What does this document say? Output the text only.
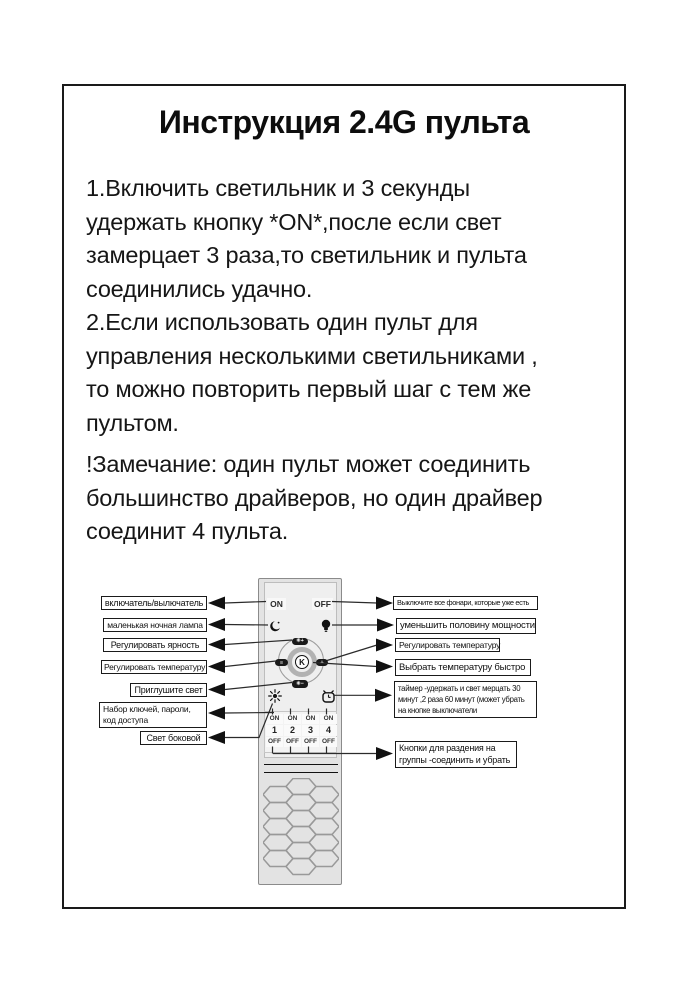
Инструкция 2.4G пульта
1.Включить светильник и 3 секунды
удержать кнопку *ON*,после если свет
замерцает 3 раза,то светильник и пульта
соединились удачно.
2.Если использовать один пульт для
управления несколькими светильниками ,
то можно повторить первый шаг с тем же
пультом.
!Замечание: один пульт может соединить
большинство драйверов, но один драйвер
соединит 4 пульта.
ON	OFF
K
✳+
✳−
≡	+
ON
1
OFF
ON
2
OFF
ON
3
OFF
ON
4
OFF
включатель/вылючатель
маленькая ночная лампа
Регулировать ярность
Регулировать температуру
Приглушите свет
Набор ключей, пароли,
код доступа
Свет боковой
Выключите все фонари, которые уже есть
уменьшить половину мощности
Регулировать температуру
Выбрать температуру быстро
таймер -удержать и свет мерцать 30
минут ,2 раза 60 минут (может убрать
на кнопке выключатели
Кнопки для раздения на
группы -соединить и убрать
